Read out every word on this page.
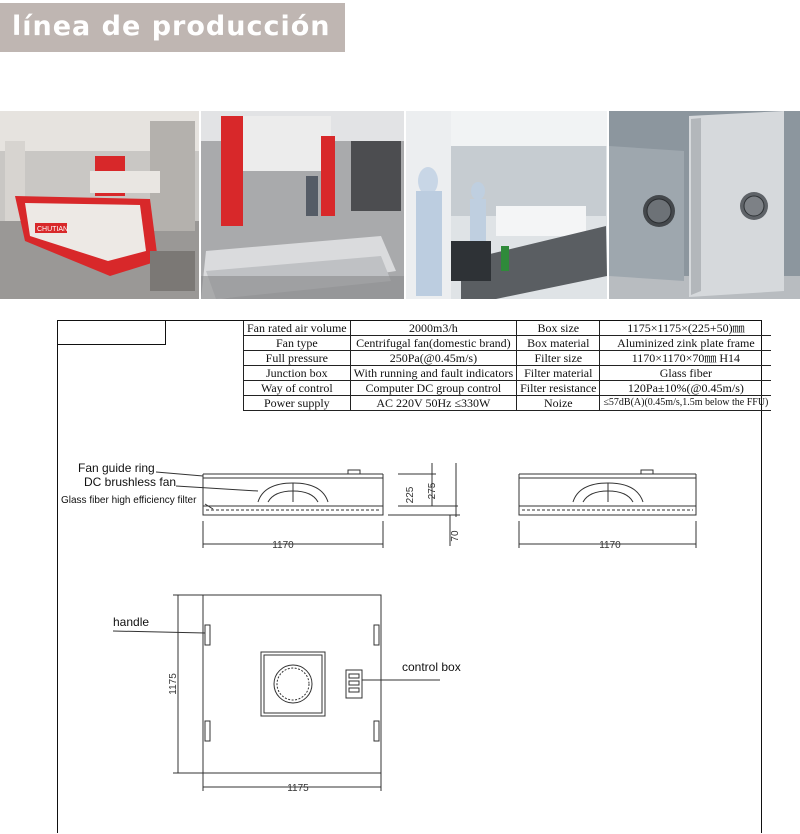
línea de producción
CHUTIAN
Fan rated air volume	2000m3/h	Box size	1175×1175×(225+50)㎜
Fan type	Centrifugal fan(domestic brand)	Box material	Aluminized zink plate frame
Full pressure	250Pa(@0.45m/s)	Filter size	1170×1170×70㎜ H14
Junction box	With running and fault indicators	Filter material	Glass fiber
Way of control	Computer DC group control	Filter resistance	120Pa±10%(@0.45m/s)
Power supply	AC 220V 50Hz ≤330W	Noize	≤57dB(A)(0.45m/s,1.5m below the FFU)
1170	1170
1175
225 275
70
1175
Fan guide ring
DC brushless fan
Glass fiber high efficiency filter
handle
control box
